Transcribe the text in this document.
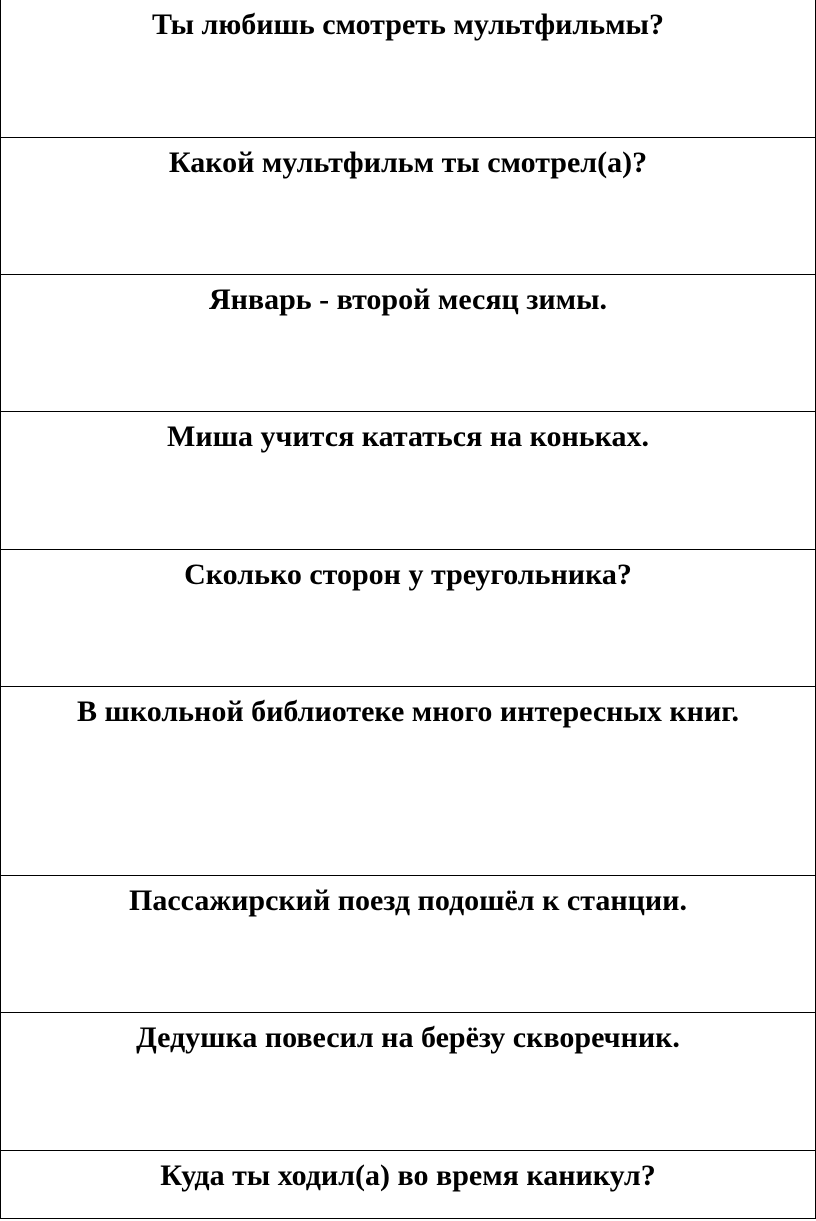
Ты любишь смотреть мультфильмы?

Какой мультфильм ты смотрел(а)?

Январь - второй месяц зимы.

Миша учится кататься на коньках.

Сколько сторон у треугольника?

В школьной библиотеке много интересных книг.

Пассажирский поезд подошёл к станции.

Дедушка повесил на берёзу скворечник.

Куда ты ходил(а) во время каникул?
